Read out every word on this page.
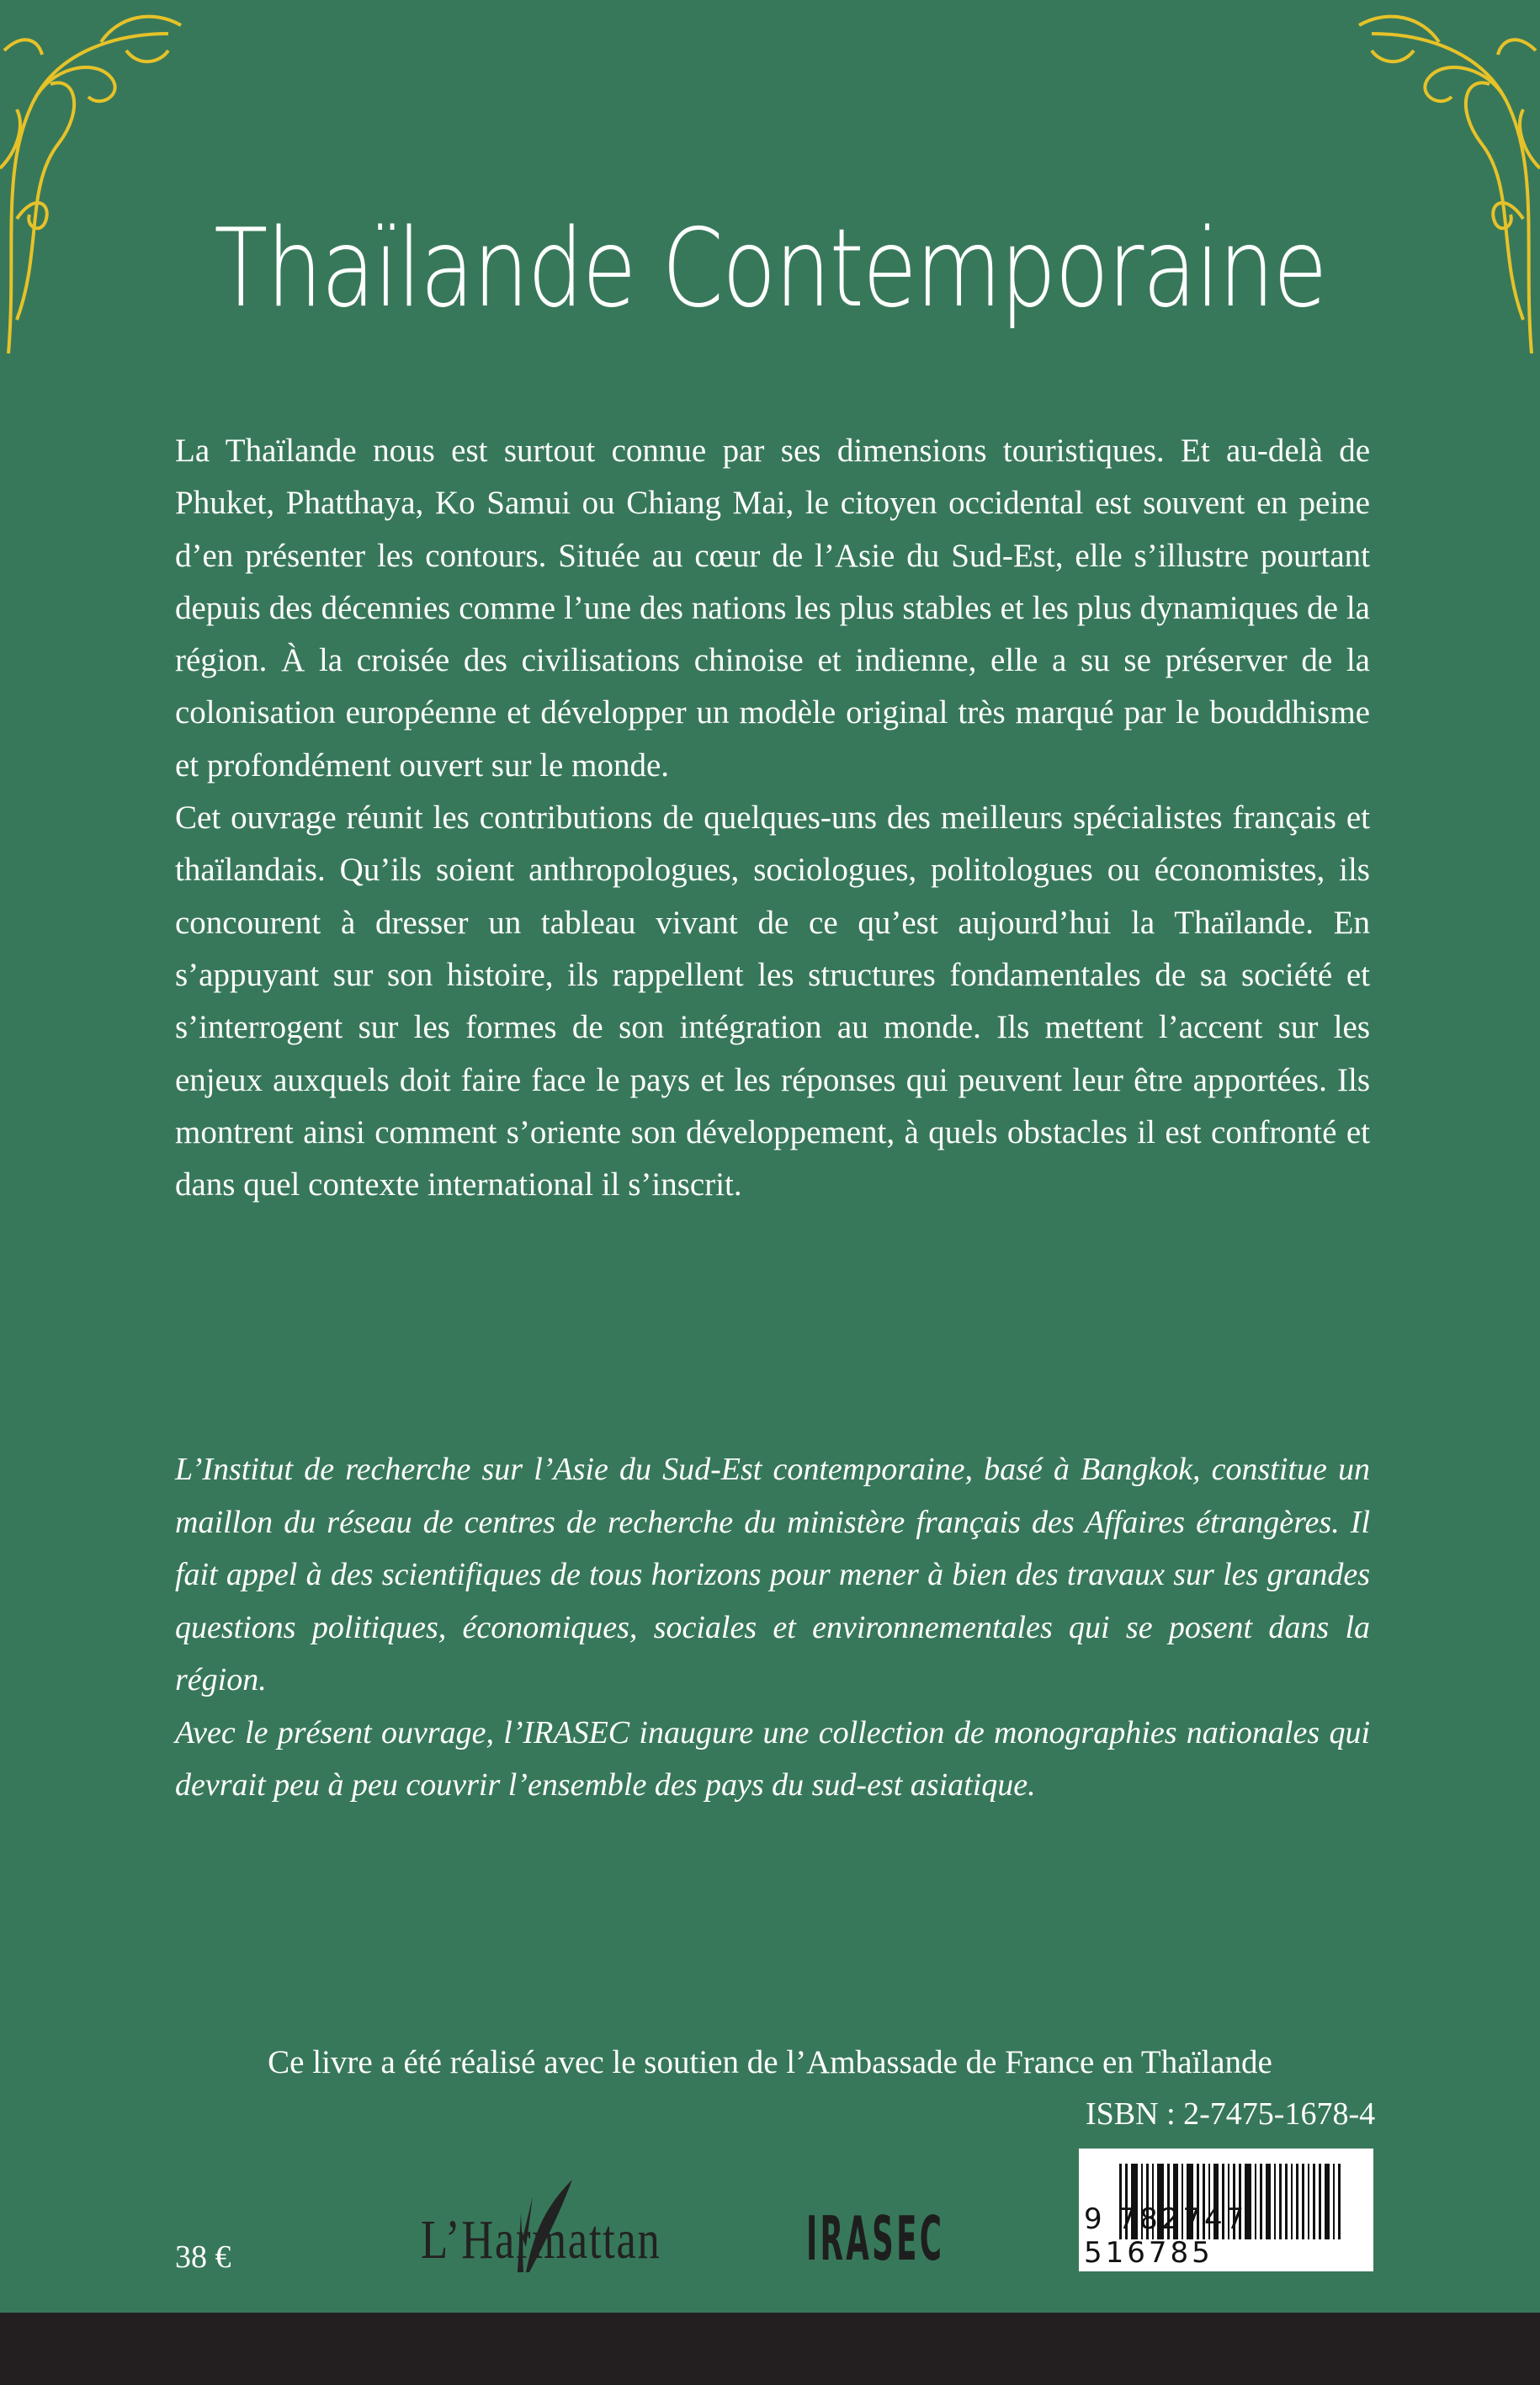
Thaïlande Contemporaine

La Thaïlande nous est surtout connue par ses dimensions touristiques. Et au-delà de Phuket, Phatthaya, Ko Samui ou Chiang Mai, le citoyen occidental est souvent en peine d’en présenter les contours. Située au cœur de l’Asie du Sud-Est, elle s’illustre pourtant depuis des décennies comme l’une des nations les plus stables et les plus dynamiques de la région. À la croisée des civilisations chinoise et indienne, elle a su se préserver de la colonisation européenne et développer un modèle original très marqué par le bouddhisme et profondément ouvert sur le monde.

Cet ouvrage réunit les contributions de quelques-uns des meilleurs spécialistes français et thaïlandais. Qu’ils soient anthropologues, sociologues, politologues ou économistes, ils concourent à dresser un tableau vivant de ce qu’est aujourd’hui la Thaïlande. En s’appuyant sur son histoire, ils rappellent les structures fondamentales de sa société et s’interrogent sur les formes de son intégration au monde. Ils mettent l’accent sur les enjeux auxquels doit faire face le pays et les réponses qui peuvent leur être apportées. Ils montrent ainsi comment s’oriente son développement, à quels obstacles il est confronté et dans quel contexte international il s’inscrit.

L’Institut de recherche sur l’Asie du Sud-Est contemporaine, basé à Bangkok, constitue un maillon du réseau de centres de recherche du ministère français des Affaires étrangères. Il fait appel à des scientifiques de tous horizons pour mener à bien des travaux sur les grandes questions politiques, économiques, sociales et environnementales qui se posent dans la région.

Avec le présent ouvrage, l’IRASEC inaugure une collection de monographies nationales qui devrait peu à peu couvrir l’ensemble des pays du sud-est asiatique.

Ce livre a été réalisé avec le soutien de l’Ambassade de France en Thaïlande
ISBN : 2-7475-1678-4
9 782747 516785
38 €	L’Harmattan IRASEC
